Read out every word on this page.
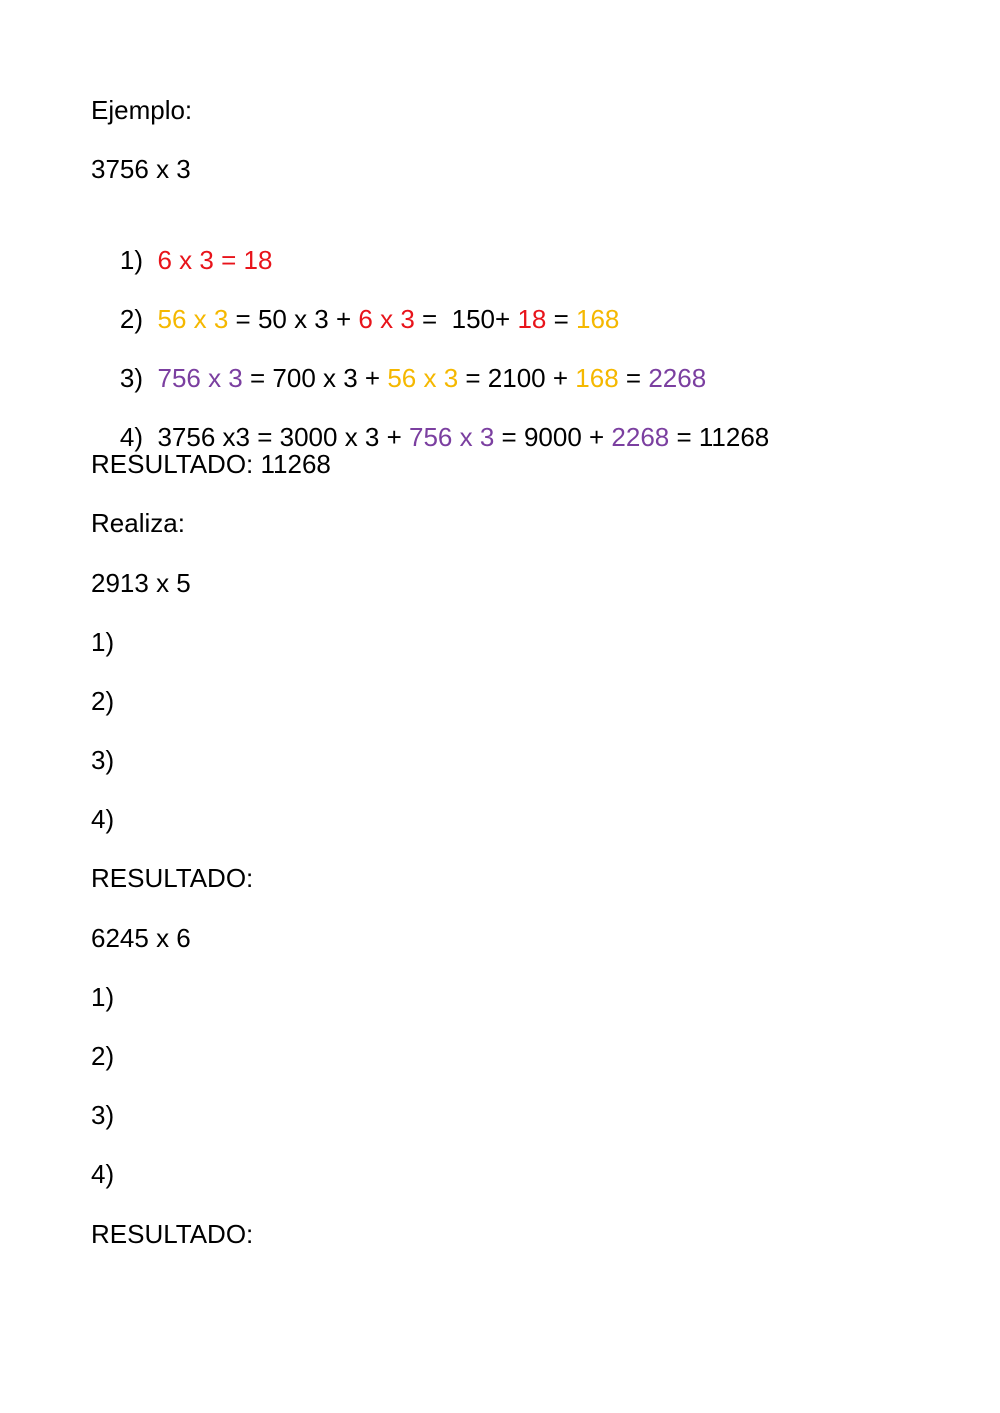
Ejemplo:
3756 x 3

1)  6 x 3 = 18

2)  56 x 3 = 50 x 3 + 6 x 3 =  150+ 18 = 168

3)  756 x 3 = 700 x 3 + 56 x 3 = 2100 + 168 = 2268

4)  3756 x3 = 3000 x 3 + 756 x 3 = 9000 + 2268 = 11268

RESULTADO: 11268
Realiza:
2913 x 5
1)
2)
3)
4)
RESULTADO:
6245 x 6
1)
2)
3)
4)
RESULTADO:
